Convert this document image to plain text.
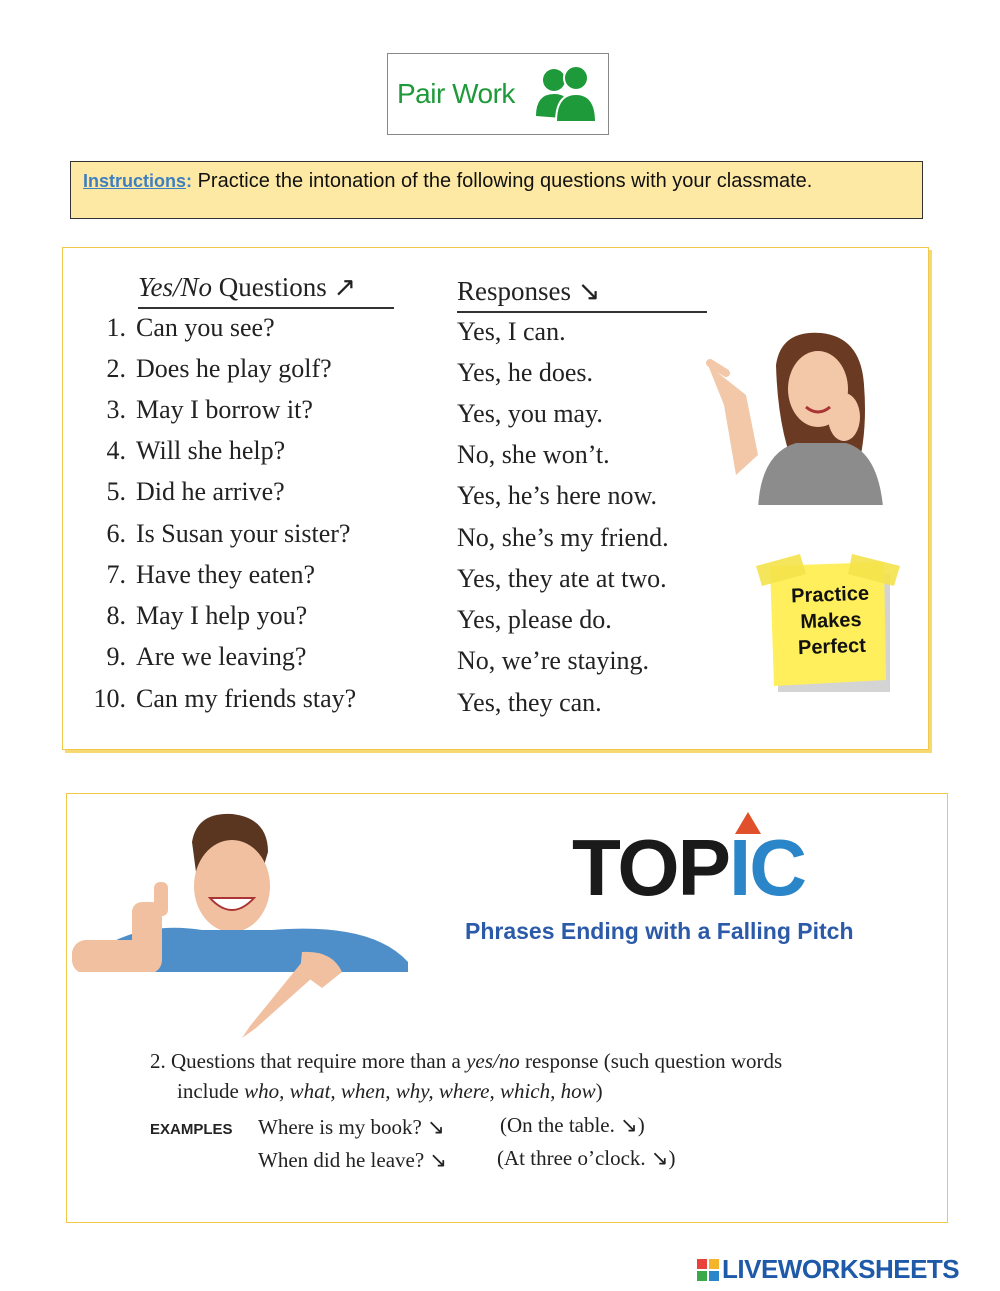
Pair Work
Instructions: Practice the intonation of the following questions with your classmate.
Yes/No Questions ↗	Responses ↘
1. Can you see?	Yes, I can.
2. Does he play golf?	Yes, he does.
3. May I borrow it?	Yes, you may.
4. Will she help?	No, she won’t.
5. Did he arrive?	Yes, he’s here now.
6. Is Susan your sister?	No, she’s my friend.
7. Have they eaten?	Yes, they ate at two.
8. May I help you?	Yes, please do.
9. Are we leaving?	No, we’re staying.
10. Can my friends stay?	Yes, they can.
Practice
Makes
Perfect
TOPIC
Phrases Ending with a Falling Pitch
2. Questions that require more than a yes/no response (such question words
include who, what, when, why, where, which, how)
EXAMPLES Where is my book? ↘	(On the table. ↘)
When did he leave? ↘ (At three o’clock. ↘)
LIVEWORKSHEETS
